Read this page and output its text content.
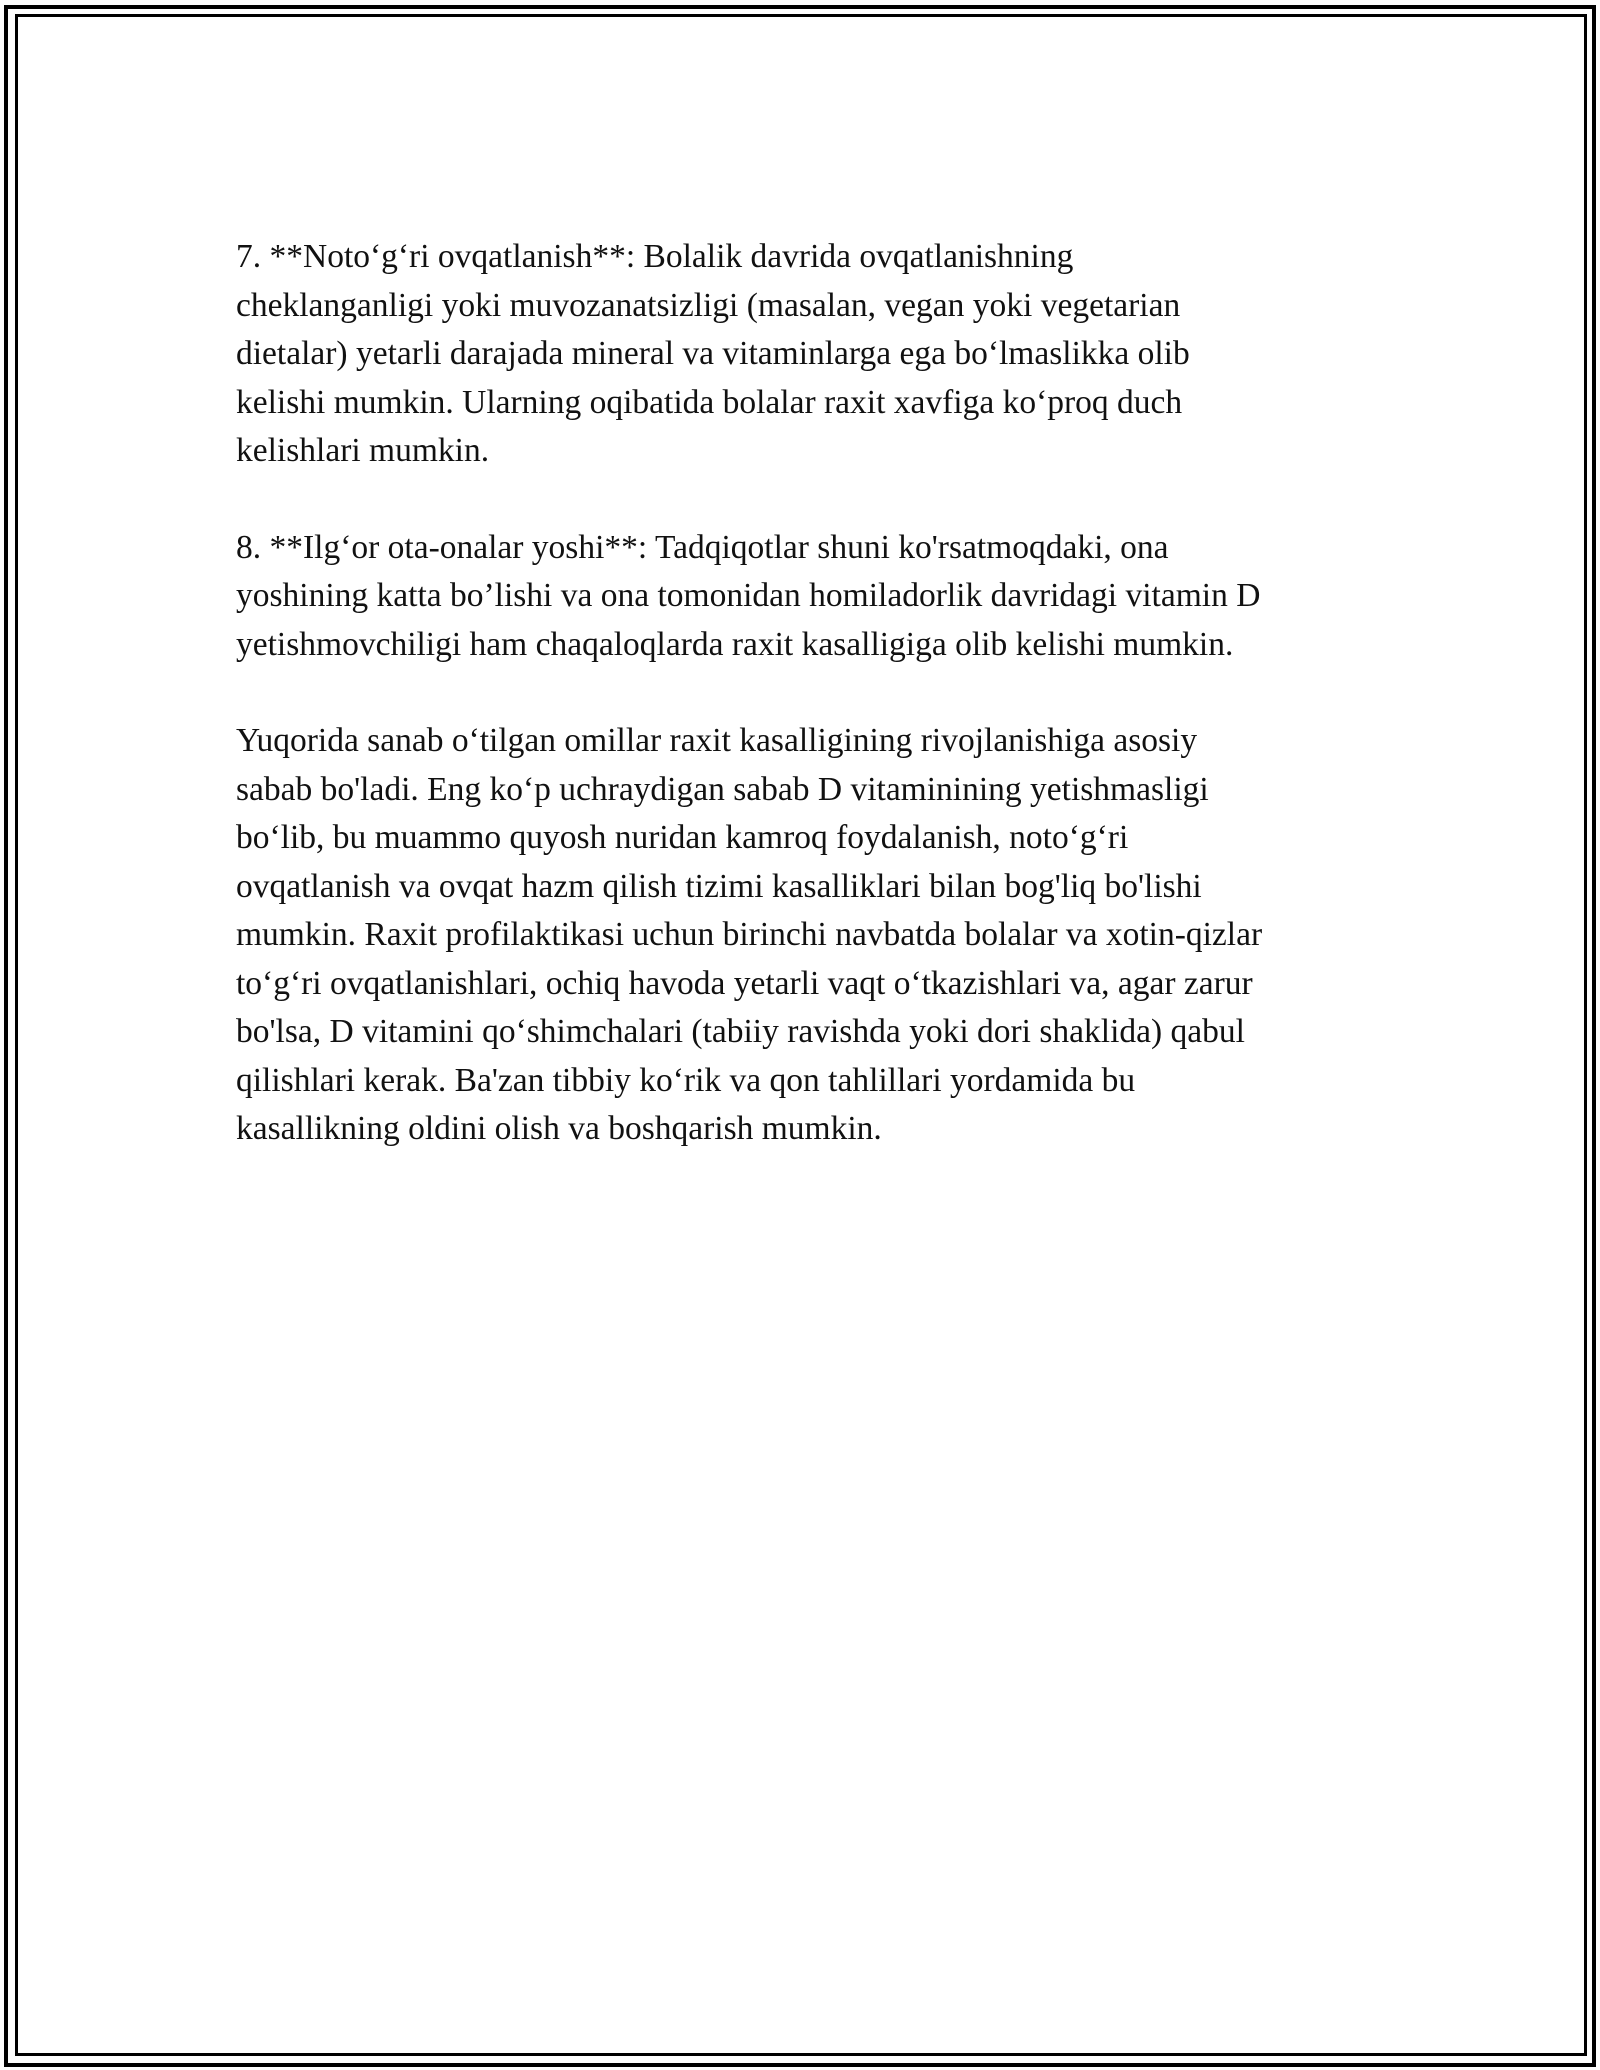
7. **Noto‘g‘ri ovqatlanish**: Bolalik davrida ovqatlanishning
cheklanganligi yoki muvozanatsizligi (masalan, vegan yoki vegetarian
dietalar) yetarli darajada mineral va vitaminlarga ega bo‘lmaslikka olib
kelishi mumkin. Ularning oqibatida bolalar raxit xavfiga ko‘proq duch
kelishlari mumkin.

8. **Ilg‘or ota-onalar yoshi**: Tadqiqotlar shuni ko'rsatmoqdaki, ona
yoshining katta bo’lishi va ona tomonidan homiladorlik davridagi vitamin D
yetishmovchiligi ham chaqaloqlarda raxit kasalligiga olib kelishi mumkin.

Yuqorida sanab o‘tilgan omillar raxit kasalligining rivojlanishiga asosiy
sabab bo'ladi. Eng ko‘p uchraydigan sabab D vitaminining yetishmasligi
bo‘lib, bu muammo quyosh nuridan kamroq foydalanish, noto‘g‘ri
ovqatlanish va ovqat hazm qilish tizimi kasalliklari bilan bog'liq bo'lishi
mumkin. Raxit profilaktikasi uchun birinchi navbatda bolalar va xotin-qizlar
to‘g‘ri ovqatlanishlari, ochiq havoda yetarli vaqt o‘tkazishlari va, agar zarur
bo'lsa, D vitamini qo‘shimchalari (tabiiy ravishda yoki dori shaklida) qabul
qilishlari kerak. Ba'zan tibbiy ko‘rik va qon tahlillari yordamida bu
kasallikning oldini olish va boshqarish mumkin.
